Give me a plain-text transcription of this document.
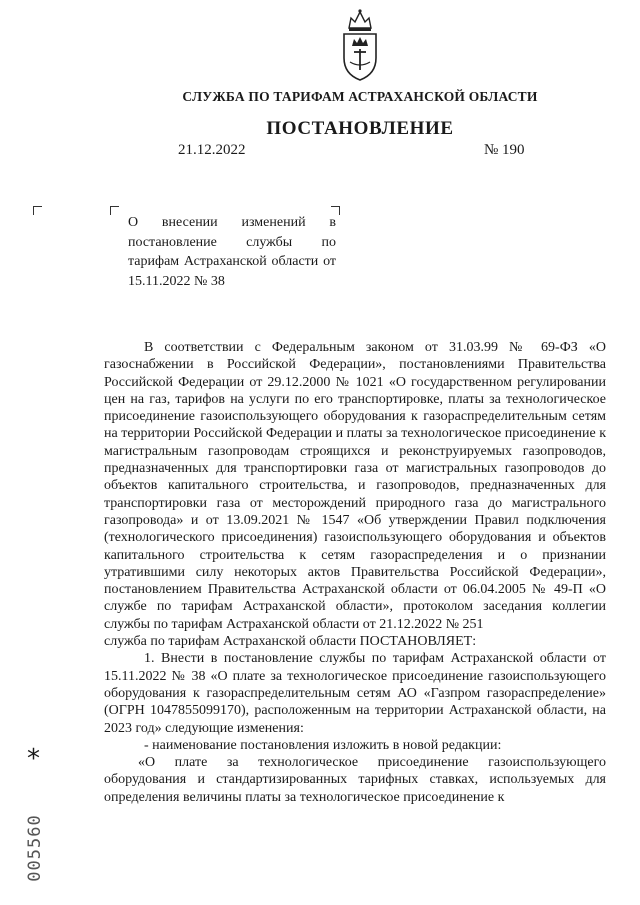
СЛУЖБА ПО ТАРИФАМ АСТРАХАНСКОЙ ОБЛАСТИ
ПОСТАНОВЛЕНИЕ
21.12.2022	№ 190
О внесении изменений в постановление службы по тарифам Астраханской области от 15.11.2022 № 38

В соответствии с Федеральным законом от 31.03.99 № 69-ФЗ «О газоснабжении в Российской Федерации», постановлениями Правительства Российской Федерации от 29.12.2000 № 1021 «О государственном регулировании цен на газ, тарифов на услуги по его транспортировке, платы за технологическое присоединение газоиспользующего оборудования к газораспределительным сетям на территории Российской Федерации и платы за технологическое присоединение к магистральным газопроводам строящихся и реконструируемых газопроводов, предназначенных для транспортировки газа от магистральных газопроводов до объектов капитального строительства, и газопроводов, предназначенных для транспортировки газа от месторождений природного газа до магистрального газопровода» и от 13.09.2021 № 1547 «Об утверждении Правил подключения (технологического присоединения) газоиспользующего оборудования и объектов капитального строительства к сетям газораспределения и о признании утратившими силу некоторых актов Правительства Российской Федерации», постановлением Правительства Астраханской области от 06.04.2005 № 49-П «О службе по тарифам Астраханской области», протоколом заседания коллегии службы по тарифам Астраханской области от 21.12.2022 № 251

служба по тарифам Астраханской области ПОСТАНОВЛЯЕТ:

1. Внести в постановление службы по тарифам Астраханской области от 15.11.2022 № 38 «О плате за технологическое присоединение газоиспользующего оборудования к газораспределительным сетям АО «Газпром газораспределение» (ОГРН 1047855099170), расположенным на территории Астраханской области, на 2023 год» следующие изменения:

- наименование постановления изложить в новой редакции:

«О плате за технологическое присоединение газоиспользующего оборудования и стандартизированных тарифных ставках, используемых для определения величины платы за технологическое присоединение к

*
005560
